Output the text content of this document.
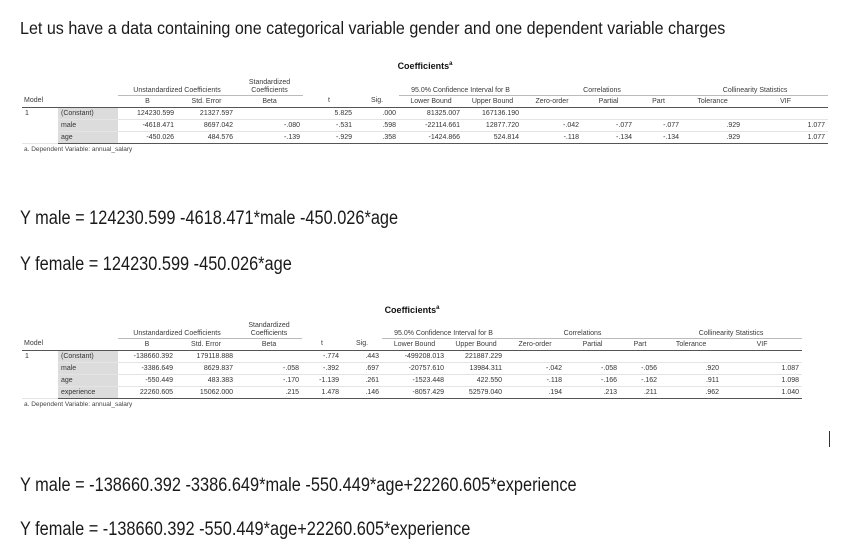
Let us have a data containing one categorical variable gender and one dependent variable charges
Coefficients$^a$
		Unstandardized Coefficients		Standardized
Coefficients			95.0% Confidence Interval for B		Correlations			Collinearity Statistics	
Model		B	Std. Error	Beta	t	Sig.	Lower Bound	Upper Bound	Zero-order	Partial	Part	Tolerance	VIF
1	(Constant)	124230.599	21327.597		5.825	.000	81325.007	167136.190					
	male	-4618.471	8697.042	-.080	-.531	.598	-22114.661	12877.720	-.042	-.077	-.077	.929	1.077
	age	-450.026	484.576	-.139	-.929	.358	-1424.866	524.814	-.118	-.134	-.134	.929	1.077
a. Dependent Variable: annual_salary
Y male = 124230.599 -4618.471*male -450.026*age
Y female = 124230.599 -450.026*age
Coefficients$^a$
		Unstandardized Coefficients		Standardized
Coefficients			95.0% Confidence Interval for B		Correlations			Collinearity Statistics	
Model		B	Std. Error	Beta	t	Sig.	Lower Bound	Upper Bound	Zero-order	Partial	Part	Tolerance	VIF
1	(Constant)	-138660.392	179118.888		-.774	.443	-499208.013	221887.229					
	male	-3386.649	8629.837	-.058	-.392	.697	-20757.610	13984.311	-.042	-.058	-.056	.920	1.087
	age	-550.449	483.383	-.170	-1.139	.261	-1523.448	422.550	-.118	-.166	-.162	.911	1.098
	experience	22260.605	15062.000	.215	1.478	.146	-8057.429	52579.040	.194	.213	.211	.962	1.040
a. Dependent Variable: annual_salary
Y male = -138660.392 -3386.649*male -550.449*age+22260.605*experience
Y female = -138660.392 -550.449*age+22260.605*experience
